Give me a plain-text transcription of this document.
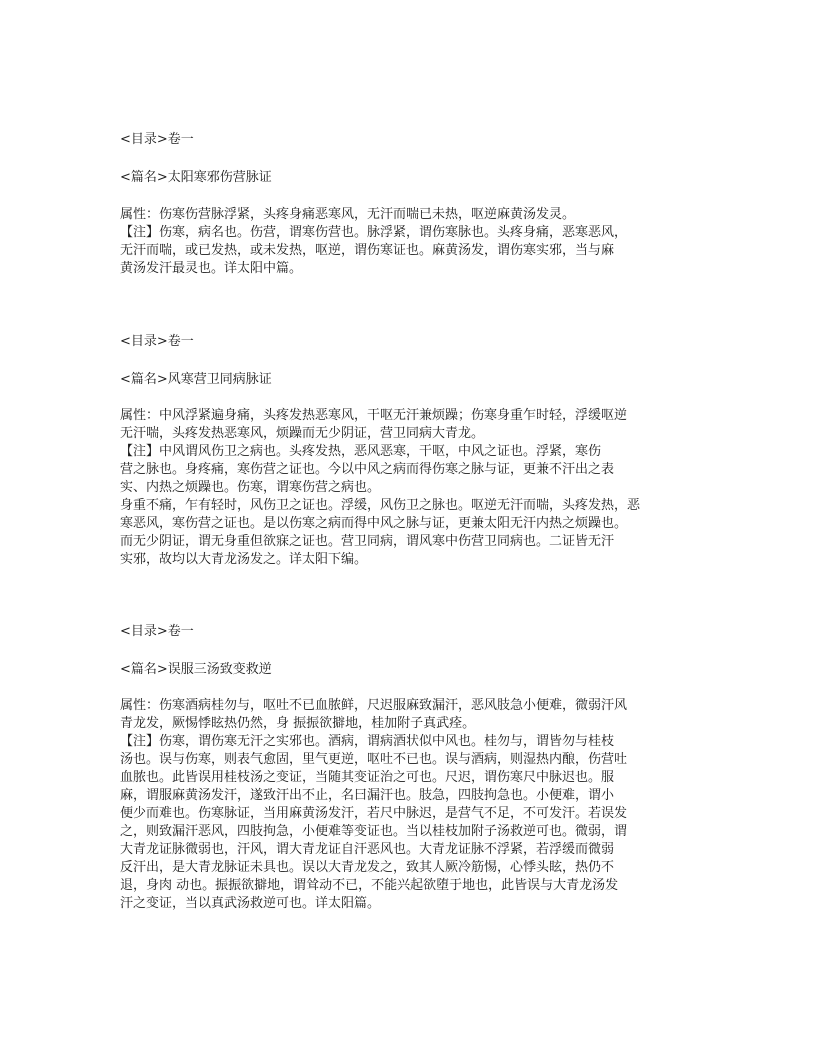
<目录>卷一
<篇名>太阳寒邪伤营脉证
属性：伤寒伤营脉浮紧，头疼身痛恶寒风，无汗而喘已未热，呕逆麻黄汤发灵。
【注】伤寒，病名也。伤营，谓寒伤营也。脉浮紧，谓伤寒脉也。头疼身痛，恶寒恶风，
无汗而喘，或已发热，或未发热，呕逆，谓伤寒证也。麻黄汤发，谓伤寒实邪，当与麻
黄汤发汗最灵也。详太阳中篇。
<目录>卷一
<篇名>风寒营卫同病脉证
属性：中风浮紧遍身痛，头疼发热恶寒风，干呕无汗兼烦躁；伤寒身重乍时轻，浮缓呕逆
无汗喘，头疼发热恶寒风，烦躁而无少阴证，营卫同病大青龙。
【注】中风谓风伤卫之病也。头疼发热，恶风恶寒，干呕，中风之证也。浮紧，寒伤
营之脉也。身疼痛，寒伤营之证也。今以中风之病而得伤寒之脉与证，更兼不汗出之表
实、内热之烦躁也。伤寒，谓寒伤营之病也。
身重不痛，乍有轻时，风伤卫之证也。浮缓，风伤卫之脉也。呕逆无汗而喘，头疼发热，恶
寒恶风，寒伤营之证也。是以伤寒之病而得中风之脉与证，更兼太阳无汗内热之烦躁也。
而无少阴证，谓无身重但欲寐之证也。营卫同病，谓风寒中伤营卫同病也。二证皆无汗
实邪，故均以大青龙汤发之。详太阳下编。
<目录>卷一
<篇名>误服三汤致变救逆
属性：伤寒酒病桂勿与，呕吐不已血脓鲜，尺迟服麻致漏汗，恶风肢急小便难，微弱汗风
青龙发，厥惕悸眩热仍然，身 振振欲擗地，桂加附子真武痊。
【注】伤寒，谓伤寒无汗之实邪也。酒病，谓病酒状似中风也。桂勿与，谓皆勿与桂枝
汤也。误与伤寒，则表气愈固，里气更逆，呕吐不已也。误与酒病，则湿热内酿，伤营吐
血脓也。此皆误用桂枝汤之变证，当随其变证治之可也。尺迟，谓伤寒尺中脉迟也。服
麻，谓服麻黄汤发汗，遂致汗出不止，名曰漏汗也。肢急，四肢拘急也。小便难，谓小
便少而难也。伤寒脉证，当用麻黄汤发汗，若尺中脉迟，是营气不足，不可发汗。若误发
之，则致漏汗恶风，四肢拘急，小便难等变证也。当以桂枝加附子汤救逆可也。微弱，谓
大青龙证脉微弱也，汗风，谓大青龙证自汗恶风也。大青龙证脉不浮紧，若浮缓而微弱
反汗出，是大青龙脉证未具也。误以大青龙发之，致其人厥冷筋惕，心悸头眩，热仍不
退，身肉 动也。振振欲擗地，谓耸动不已，不能兴起欲堕于地也，此皆误与大青龙汤发
汗之变证，当以真武汤救逆可也。详太阳篇。
